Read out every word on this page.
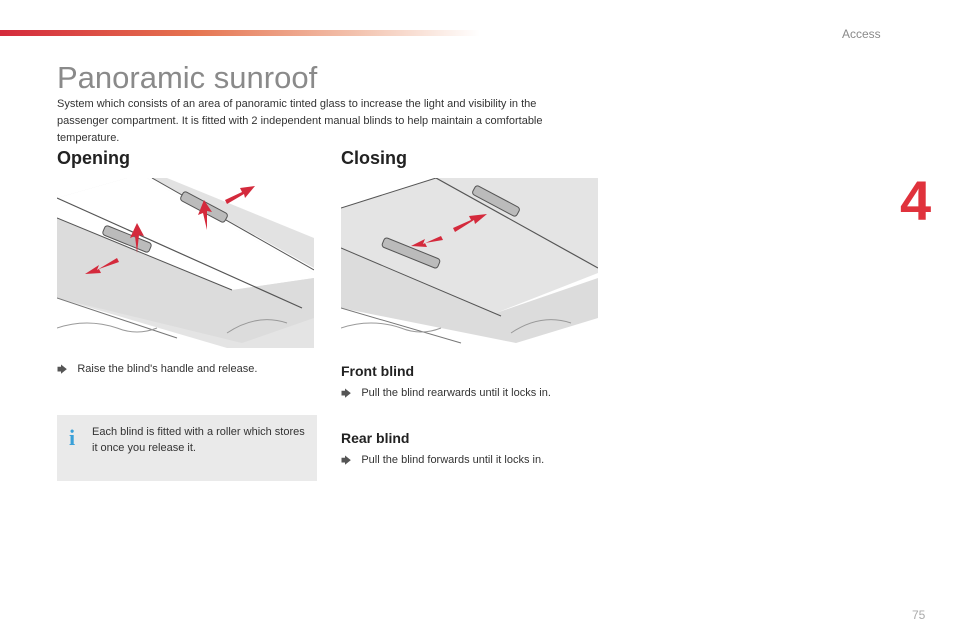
Access
4
Panoramic sunroof

System which consists of an area of panoramic tinted glass to increase the light and visibility in the passenger compartment. It is fitted with 2 independent manual blinds to help maintain a comfortable temperature.

Opening	Closing
🡆 Raise the blind's handle and release.
i Each blind is fitted with a roller which stores it once you release it.
Front blind
🡆 Pull the blind rearwards until it locks in.
Rear blind
🡆 Pull the blind forwards until it locks in.
75
